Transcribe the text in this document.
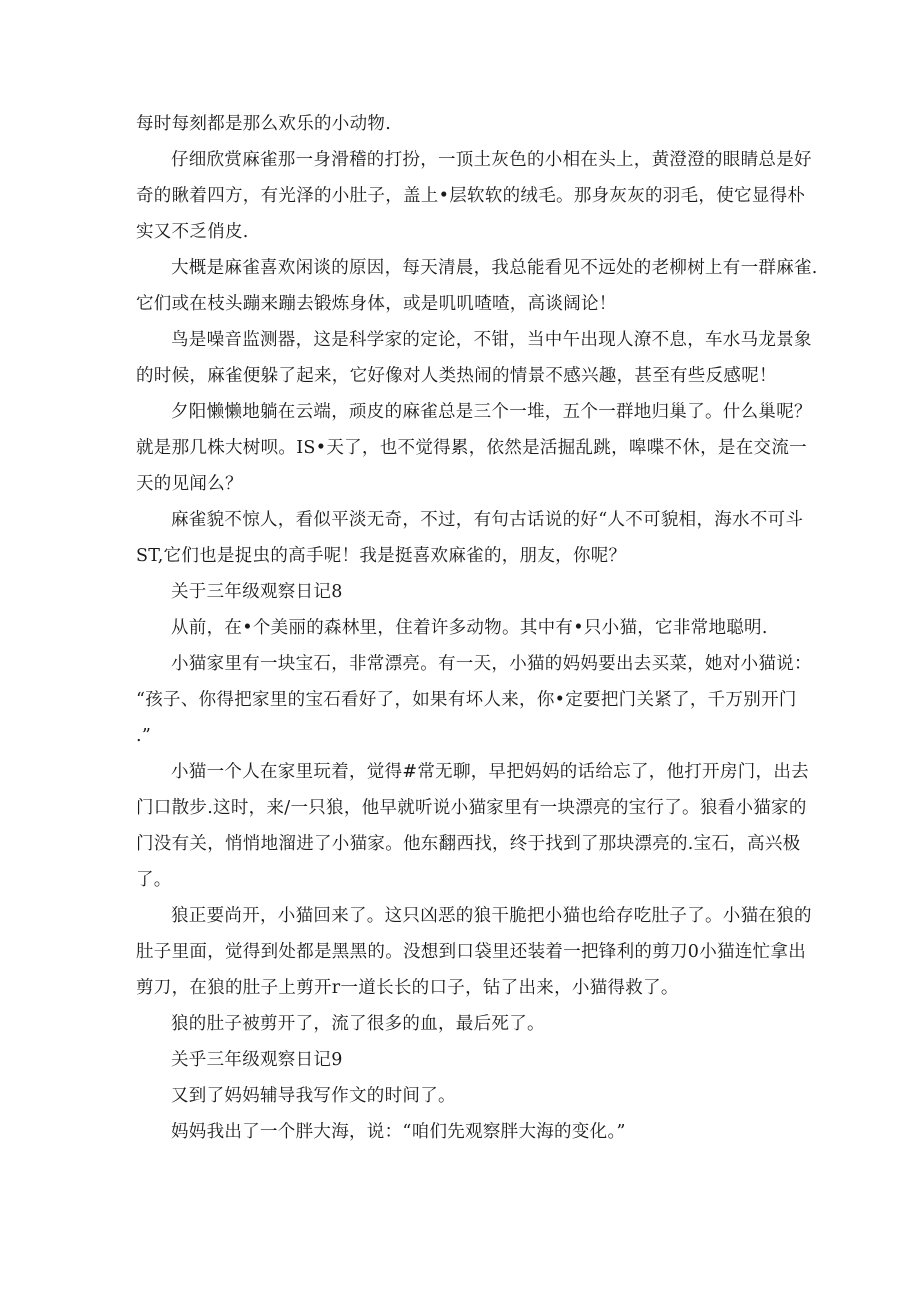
每时每刻都是那么欢乐的小动物.
仔细欣赏麻雀那一身滑稽的打扮，一顶土灰色的小相在头上，黄澄澄的眼睛总是好
奇的瞅着四方，有光泽的小肚子，盖上•层软软的绒毛。那身灰灰的羽毛，使它显得朴
实又不乏俏皮.
大概是麻雀喜欢闲谈的原因，每天清晨，我总能看见不远处的老柳树上有一群麻雀.
它们或在枝头蹦来蹦去锻炼身体，或是叽叽喳喳，高谈阔论！
鸟是噪音监测器，这是科学家的定论，不钳，当中午出现人潦不息，车水马龙景象
的时候，麻雀便躲了起来，它好像对人类热闹的情景不感兴趣，甚至有些反感呢！
夕阳懒懒地躺在云端，顽皮的麻雀总是三个一堆，五个一群地归巢了。什么巢呢？
就是那几株大树呗。IS•天了，也不觉得累，依然是活掘乱跳，嗥喋不休，是在交流一
天的见闻么？
麻雀貌不惊人，看似平淡无奇，不过，有句古话说的好“人不可貌相，海水不可斗
ST,它们也是捉虫的高手呢！我是挺喜欢麻雀的，朋友，你呢？
关于三年级观察日记8
从前，在•个美丽的森林里，住着许多动物。其中有•只小猫，它非常地聪明.
小猫家里有一块宝石，非常漂亮。有一天，小猫的妈妈要出去买菜，她对小猫说：
“孩子、你得把家里的宝石看好了，如果有坏人来，你•定要把门关紧了，千万别开门
.”
小猫一个人在家里玩着，觉得#常无聊，早把妈妈的话给忘了，他打开房门，出去
门口散步.这时，来/一只狼，他早就听说小猫家里有一块漂亮的宝行了。狼看小猫家的
门没有关，悄悄地溜进了小猫家。他东翻西找，终于找到了那块漂亮的.宝石，高兴极
了。
狼正要尚开，小猫回来了。这只凶恶的狼干脆把小猫也给存吃肚子了。小猫在狼的
肚子里面，觉得到处都是黑黑的。没想到口袋里还装着一把锋利的剪刀0小猫连忙拿出
剪刀，在狼的肚子上剪开r一道长长的口子，钻了出来，小猫得救了。
狼的肚子被剪开了，流了很多的血，最后死了。
关乎三年级观察日记9
又到了妈妈辅导我写作文的时间了。
妈妈我出了一个胖大海，说：“咱们先观察胖大海的变化。”
